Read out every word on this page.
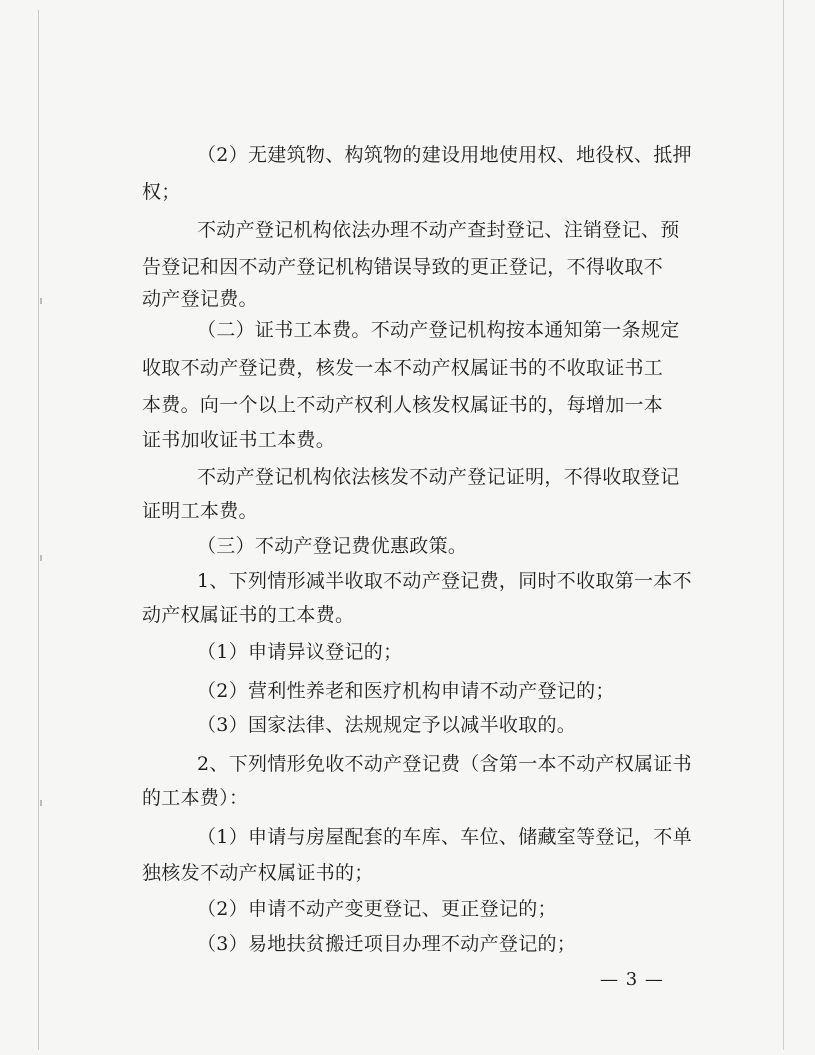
（2）无建筑物、构筑物的建设用地使用权、地役权、抵押
权；
不动产登记机构依法办理不动产查封登记、注销登记、预
告登记和因不动产登记机构错误导致的更正登记，不得收取不
动产登记费。
（二）证书工本费。不动产登记机构按本通知第一条规定
收取不动产登记费，核发一本不动产权属证书的不收取证书工
本费。向一个以上不动产权利人核发权属证书的，每增加一本
证书加收证书工本费。
不动产登记机构依法核发不动产登记证明，不得收取登记
证明工本费。
（三）不动产登记费优惠政策。
1、下列情形减半收取不动产登记费，同时不收取第一本不
动产权属证书的工本费。
（1）申请异议登记的；
（2）营利性养老和医疗机构申请不动产登记的；
（3）国家法律、法规规定予以减半收取的。
2、下列情形免收不动产登记费（含第一本不动产权属证书
的工本费）：
（1）申请与房屋配套的车库、车位、储藏室等登记，不单
独核发不动产权属证书的；
（2）申请不动产变更登记、更正登记的；
（3）易地扶贫搬迁项目办理不动产登记的；
— 3 —
